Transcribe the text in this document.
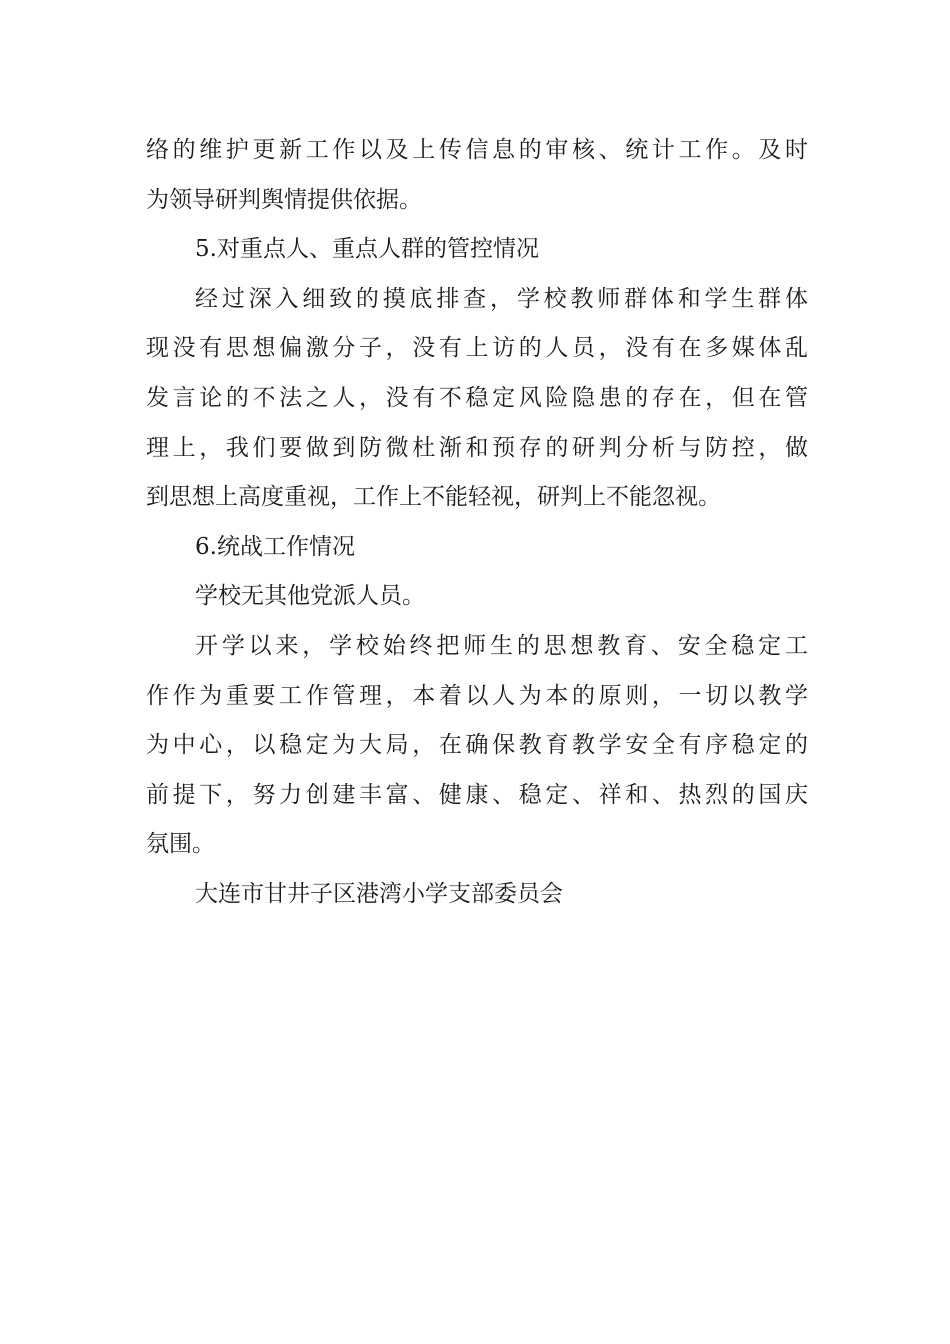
络的维护更新工作以及上传信息的审核、统计工作。及时
为领导研判舆情提供依据。
5.对重点人、重点人群的管控情况
经过深入细致的摸底排查，学校教师群体和学生群体
现没有思想偏激分子，没有上访的人员，没有在多媒体乱
发言论的不法之人，没有不稳定风险隐患的存在，但在管
理上，我们要做到防微杜渐和预存的研判分析与防控，做
到思想上高度重视，工作上不能轻视，研判上不能忽视。
6.统战工作情况
学校无其他党派人员。
开学以来，学校始终把师生的思想教育、安全稳定工
作作为重要工作管理，本着以人为本的原则，一切以教学
为中心，以稳定为大局，在确保教育教学安全有序稳定的
前提下，努力创建丰富、健康、稳定、祥和、热烈的国庆
氛围。
大连市甘井子区港湾小学支部委员会
